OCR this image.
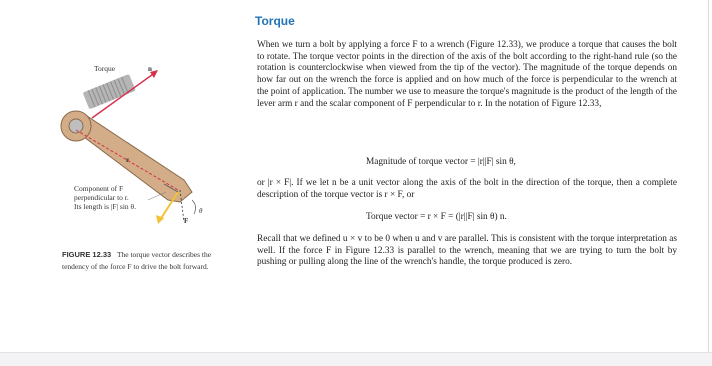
Torque	n
r
Component of F
perpendicular to r.
Its length is |F| sin θ.	θ
F
FIGURE 12.33 The torque vector describes the tendency of the force F to drive the bolt forward.
Torque
When we turn a bolt by applying a force F to a wrench (Figure 12.33), we produce a torque that causes the bolt to rotate. The torque vector points in the direction of the axis of the bolt according to the right-hand rule (so the rotation is counterclockwise when viewed from the tip of the vector). The magnitude of the torque depends on how far out on the wrench the force is applied and on how much of the force is perpendicular to the wrench at the point of application. The number we use to measure the torque's magnitude is the product of the length of the lever arm r and the scalar component of F perpendicular to r. In the notation of Figure 12.33,
Magnitude of torque vector = |r||F| sin θ,
or |r × F|. If we let n be a unit vector along the axis of the bolt in the direction of the torque, then a complete description of the torque vector is r × F, or
Torque vector = r × F = (|r||F| sin θ) n.
Recall that we defined u × v to be 0 when u and v are parallel. This is consistent with the torque interpretation as well. If the force F in Figure 12.33 is parallel to the wrench, meaning that we are trying to turn the bolt by pushing or pulling along the line of the wrench's handle, the torque produced is zero.
